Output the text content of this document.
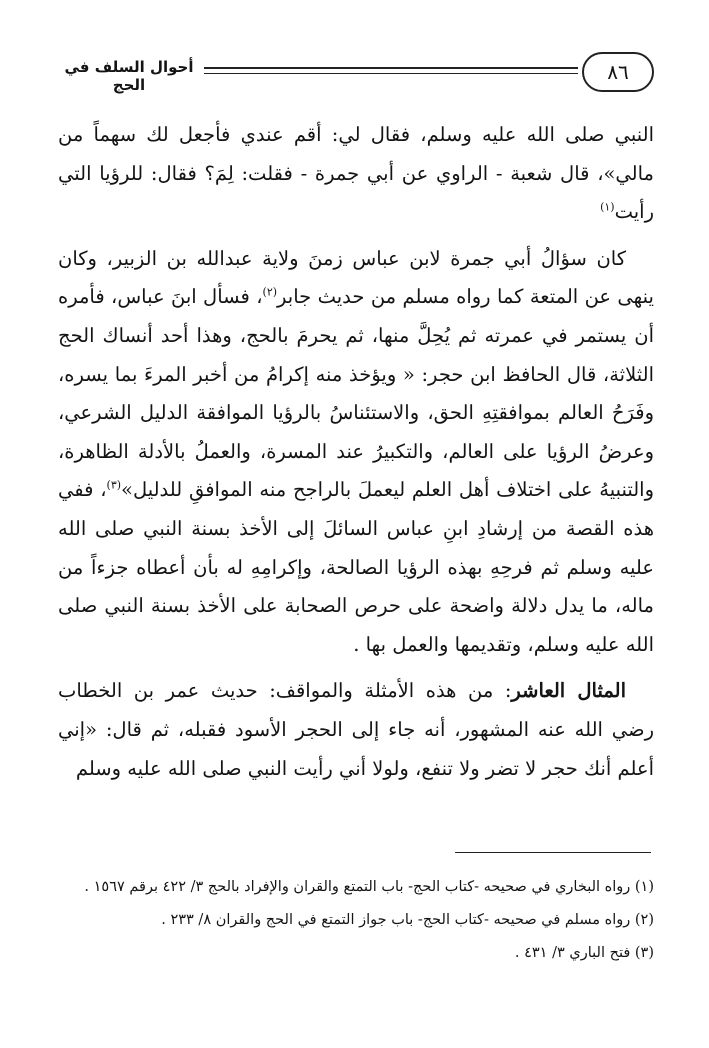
٨٦
أحوال السلف في الحج

النبي صلى الله عليه وسلم، فقال لي: أقم عندي فأجعل لك سهماً من مالي»، قال شعبة - الراوي عن أبي جمرة - فقلت: لِمَ؟ فقال: للرؤيا التي رأيت$^{(١)}$

كان سؤالُ أبي جمرة لابن عباس زمنَ ولاية عبدالله بن الزبير، وكان ينهى عن المتعة كما رواه مسلم من حديث جابر$^{(٢)}$، فسأل ابنَ عباس، فأمره أن يستمر في عمرته ثم يُحِلَّ منها، ثم يحرمَ بالحج، وهذا أحد أنساك الحج الثلاثة، قال الحافظ ابن حجر: « ويؤخذ منه إكرامُ من أخبر المرءَ بما يسره، وفَرَحُ العالم بموافقتِهِ الحق، والاستئناسُ بالرؤيا الموافقة الدليل الشرعي، وعرضُ الرؤيا على العالم، والتكبيرُ عند المسرة، والعملُ بالأدلة الظاهرة، والتنبيهُ على اختلاف أهل العلم ليعملَ بالراجح منه الموافقِ للدليل»$^{(٣)}$، ففي هذه القصة من إرشادِ ابنِ عباس السائلَ إلى الأخذ بسنة النبي صلى الله عليه وسلم ثم فرحِهِ بهذه الرؤيا الصالحة، وإكرامِهِ له بأن أعطاه جزءاً من ماله، ما يدل دلالة واضحة على حرص الصحابة على الأخذ بسنة النبي صلى الله عليه وسلم، وتقديمها والعمل بها .

المثال العاشر: من هذه الأمثلة والمواقف: حديث عمر بن الخطاب رضي الله عنه المشهور، أنه جاء إلى الحجر الأسود فقبله، ثم قال: «إني أعلم أنك حجر لا تضر ولا تنفع، ولولا أني رأيت النبي صلى الله عليه وسلم

(١) رواه البخاري في صحيحه -كتاب الحج- باب التمتع والقران والإفراد بالحج ٣/ ٤٢٢ برقم ١٥٦٧ .
(٢) رواه مسلم في صحيحه -كتاب الحج- باب جواز التمتع في الحج والقران ٨/ ٢٣٣ .
(٣) فتح الباري ٣/ ٤٣١ .
